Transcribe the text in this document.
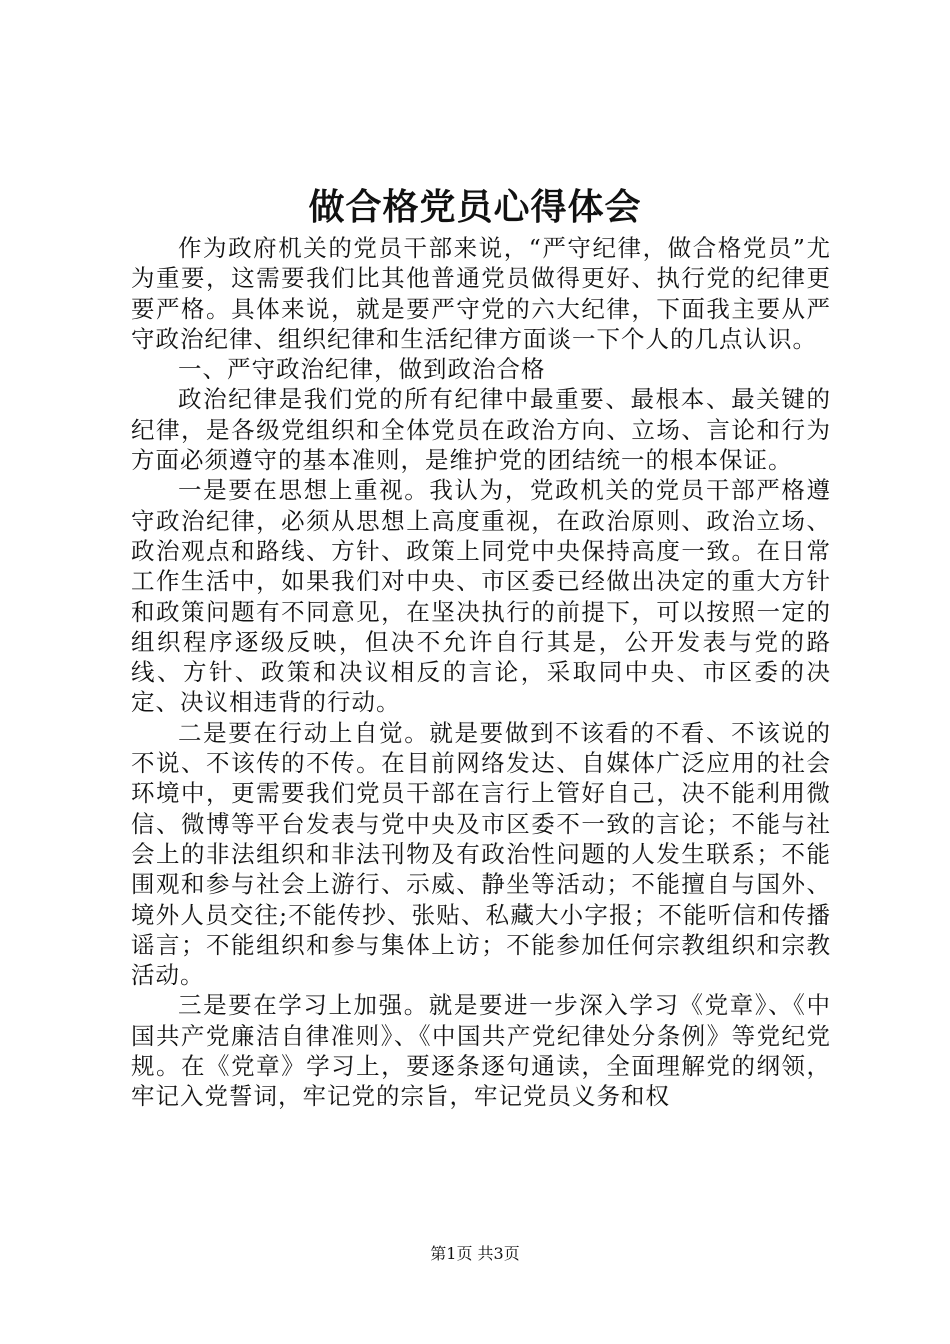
做合格党员心得体会

作为政府机关的党员干部来说，“严守纪律，做合格党员”尤为重要，这需要我们比其他普通党员做得更好、执行党的纪律更要严格。具体来说，就是要严守党的六大纪律，下面我主要从严守政治纪律、组织纪律和生活纪律方面谈一下个人的几点认识。

一、严守政治纪律，做到政治合格

政治纪律是我们党的所有纪律中最重要、最根本、最关键的纪律，是各级党组织和全体党员在政治方向、立场、言论和行为方面必须遵守的基本准则，是维护党的团结统一的根本保证。

一是要在思想上重视。我认为，党政机关的党员干部严格遵守政治纪律，必须从思想上高度重视，在政治原则、政治立场、政治观点和路线、方针、政策上同党中央保持高度一致。在日常工作生活中，如果我们对中央、市区委已经做出决定的重大方针和政策问题有不同意见，在坚决执行的前提下，可以按照一定的组织程序逐级反映，但决不允许自行其是，公开发表与党的路线、方针、政策和决议相反的言论，采取同中央、市区委的决定、决议相违背的行动。

二是要在行动上自觉。就是要做到不该看的不看、不该说的不说、不该传的不传。在目前网络发达、自媒体广泛应用的社会环境中，更需要我们党员干部在言行上管好自己，决不能利用微信、微博等平台发表与党中央及市区委不一致的言论；不能与社会上的非法组织和非法刊物及有政治性问题的人发生联系；不能围观和参与社会上游行、示威、静坐等活动；不能擅自与国外、境外人员交往;不能传抄、张贴、私藏大小字报；不能听信和传播谣言；不能组织和参与集体上访；不能参加任何宗教组织和宗教活动。

三是要在学习上加强。就是要进一步深入学习《党章》、《中国共产党廉洁自律准则》、《中国共产党纪律处分条例》等党纪党规。在《党章》学习上，要逐条逐句通读，全面理解党的纲领，牢记入党誓词，牢记党的宗旨，牢记党员义务和权

第1页 共3页
